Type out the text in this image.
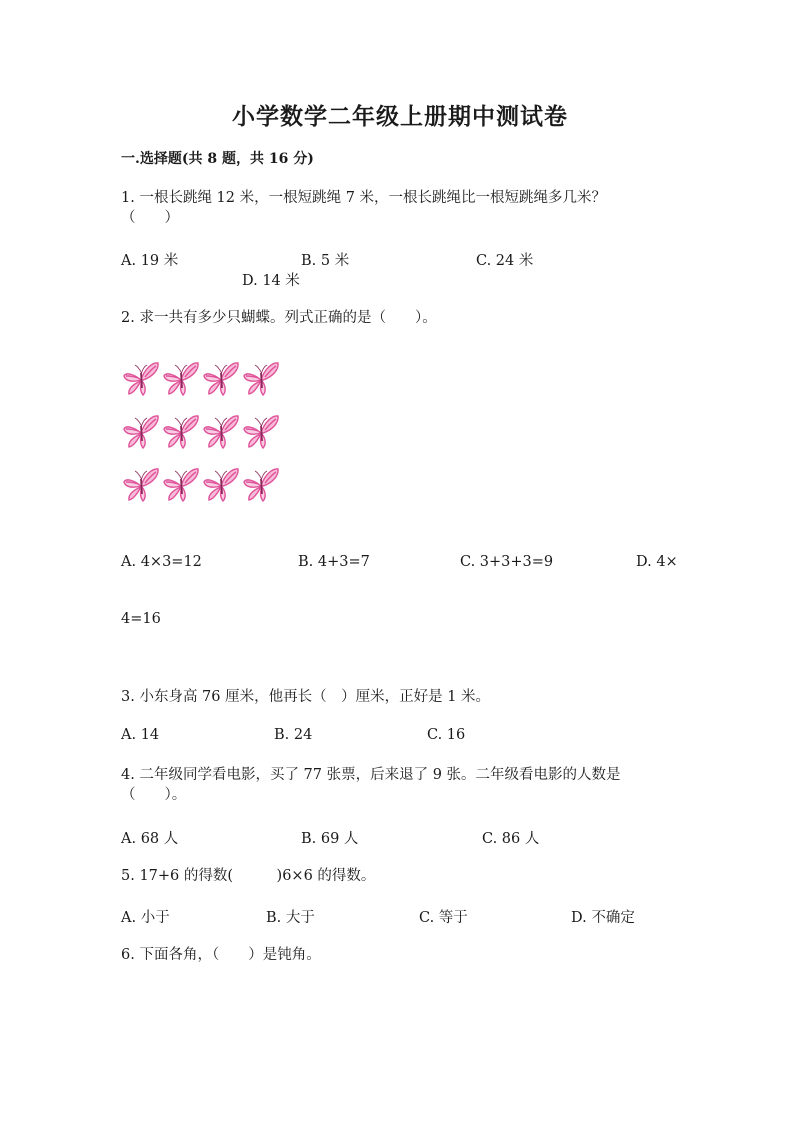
小学数学二年级上册期中测试卷
一.选择题(共 8 题，共 16 分)
1. 一根长跳绳 12 米，一根短跳绳 7 米，一根长跳绳比一根短跳绳多几米？
（　　）
A. 19 米	B. 5 米	C. 24 米
D. 14 米
2. 求一共有多少只蝴蝶。列式正确的是（　　）。
A. 4×3=12	B. 4+3=7	C. 3+3+3=9	D. 4×
4=16
3. 小东身高 76 厘米，他再长（　）厘米，正好是 1 米。
A. 14	B. 24	C. 16
4. 二年级同学看电影，买了 77 张票，后来退了 9 张。二年级看电影的人数是
（　　）。
A. 68 人	B. 69 人	C. 86 人
5. 17+6 的得数(　　　)6×6 的得数。
A. 小于	B. 大于	C. 等于	D. 不确定
6. 下面各角，（　　）是钝角。
